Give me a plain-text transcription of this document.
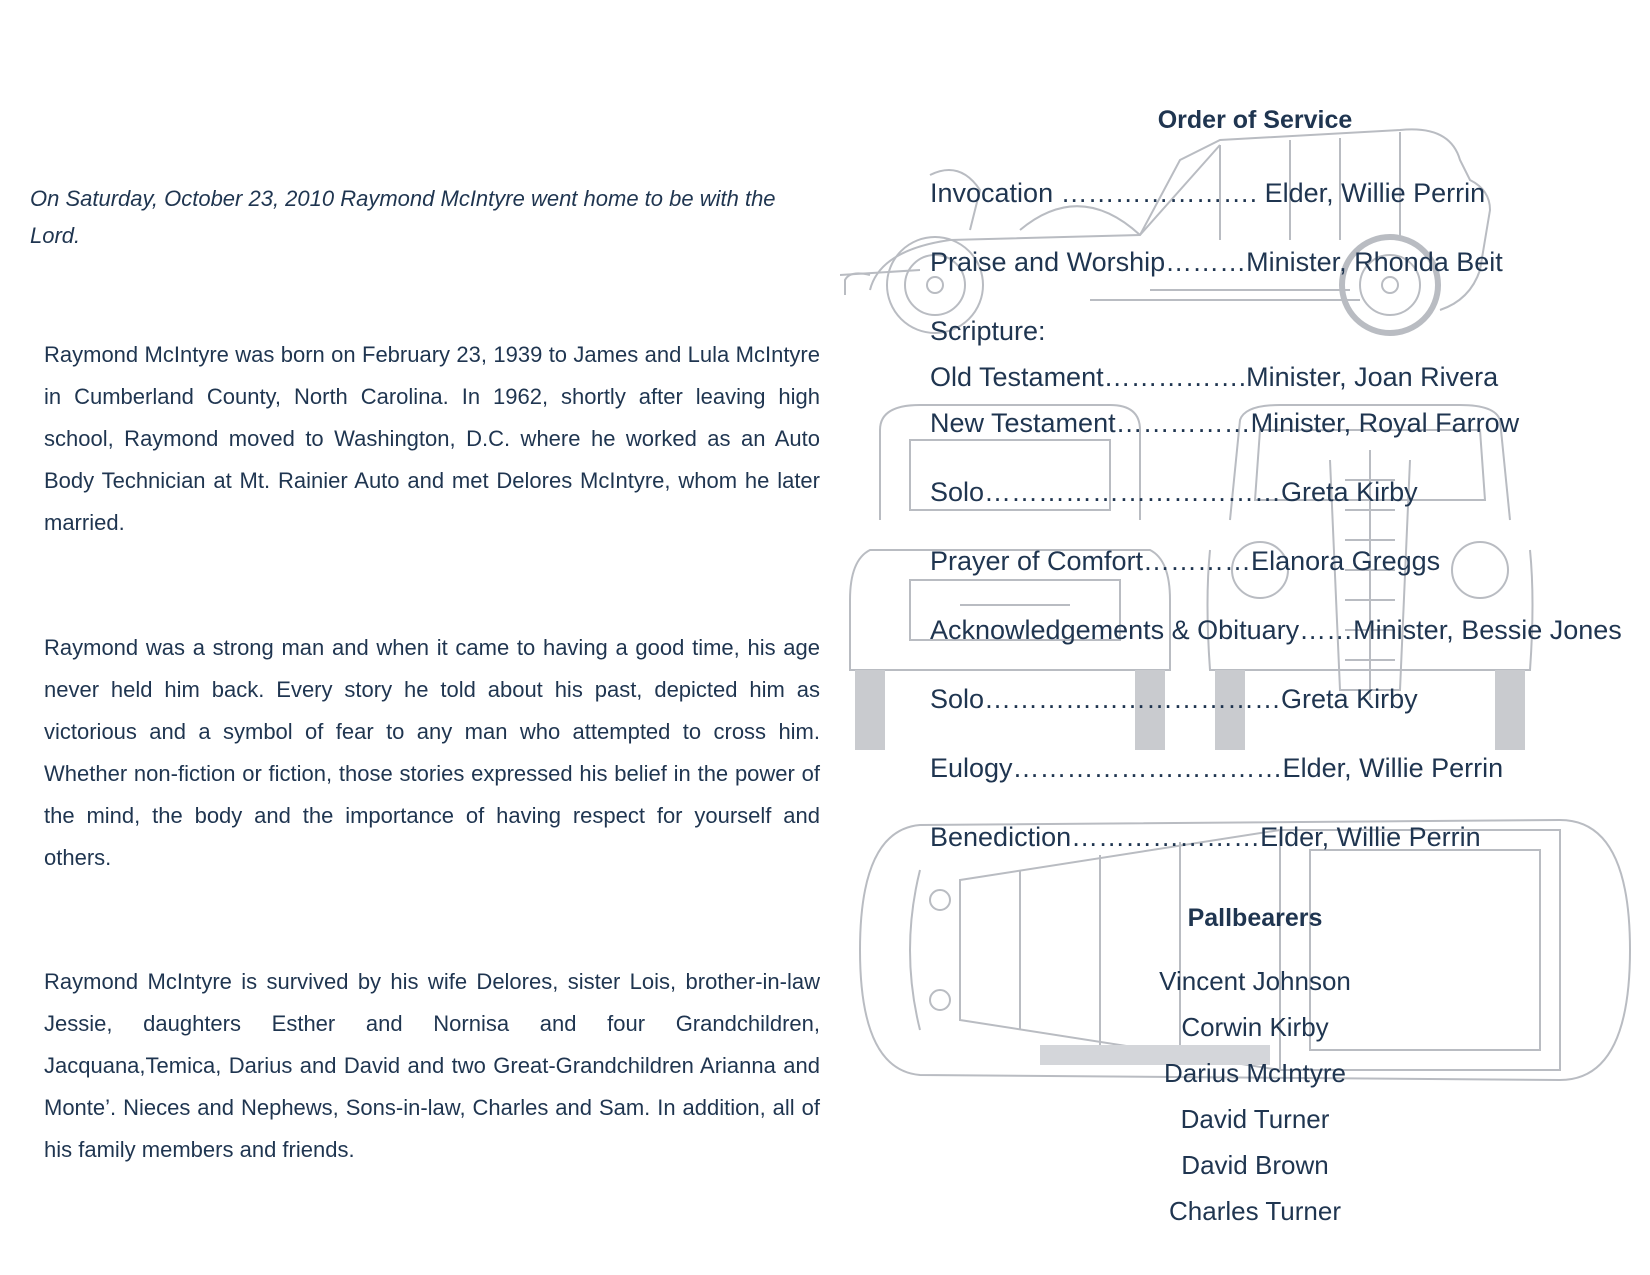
On Saturday, October 23, 2010 Raymond McIntyre went home to be with the Lord.

Raymond McIntyre was born on February 23, 1939 to James and Lula McIntyre in Cumberland County, North Carolina. In 1962, shortly after leaving high school, Raymond moved to Washington, D.C. where he worked as an Auto Body Technician at Mt. Rainier Auto and met Delores McIntyre, whom he later married.

Raymond was a strong man and when it came to having a good time, his age never held him back. Every story he told about his past, depicted him as victorious and a symbol of fear to any man who attempted to cross him. Whether non-fiction or fiction, those stories expressed his belief in the power of the mind, the body and the importance of having respect for yourself and others.

Raymond McIntyre is survived by his wife Delores, sister Lois, brother-in-law Jessie, daughters Esther and Nornisa and four Grandchildren, Jacquana,Temica, Darius and David and two Great-Grandchildren Arianna and Monte’. Nieces and Nephews, Sons-in-law, Charles and Sam. In addition, all of his family members and friends.

Order of Service
Invocation …………………. Elder, Willie Perrin
Praise and Worship………Minister, Rhonda Beit
Scripture:
Old Testament…………….Minister, Joan Rivera
New Testament……………Minister, Royal Farrow
Solo……………………………Greta Kirby
Prayer of Comfort…………Elanora Greggs
Acknowledgements & Obituary……Minister, Bessie Jones
Solo……………………………Greta Kirby
Eulogy…………………………Elder, Willie Perrin
Benediction…………………Elder, Willie Perrin
Pallbearers
Vincent Johnson
Corwin Kirby
Darius McIntyre
David Turner
David Brown
Charles Turner
